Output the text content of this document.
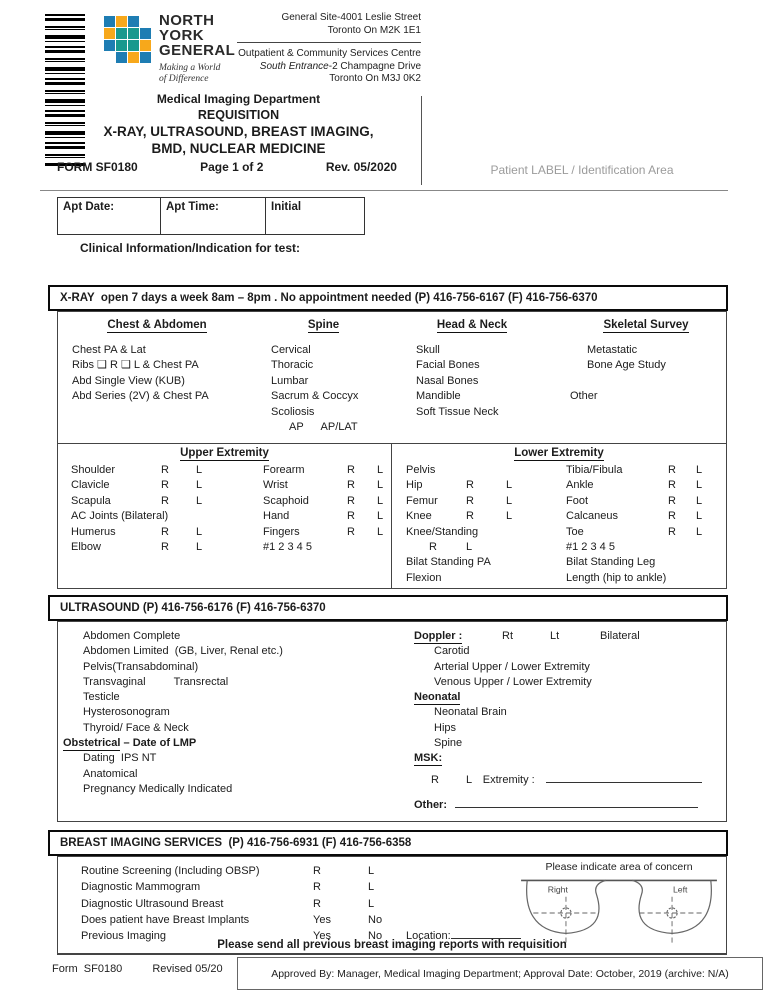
NORTH
YORK
GENERAL
Making a World
of Difference
General Site-4001 Leslie Street
Toronto On M2K 1E1
Outpatient & Community Services Centre
South Entrance-2 Champagne Drive
Toronto On M3J 0K2
Patient LABEL / Identification Area
Medical Imaging Department
REQUISITION
X-RAY, ULTRASOUND, BREAST IMAGING,
BMD, NUCLEAR MEDICINE
FORM SF0180	Page 1 of 2	Rev. 05/2020
Apt Date:	Apt Time:	Initial
Clinical Information/Indication for test:
X-RAY  open 7 days a week 8am – 8pm . No appointment needed (P) 416-756-6167 (F) 416-756-6370
Chest & Abdomen
Chest PA & Lat
Ribs ❑ R ❑ L & Chest PA
Abd Single View (KUB)
Abd Series (2V) & Chest PA
Spine
Cervical
Thoracic
Lumbar
Sacrum & Coccyx
Scoliosis
AP AP/LAT
Head & Neck
Skull
Facial Bones
Nasal Bones
Mandible
Soft Tissue Neck
Skeletal Survey
Metastatic
Bone Age Study
Other
Upper Extremity	Lower Extremity
Shoulder	R	L
Clavicle	R	L
Scapula	R	L
AC Joints (Bilateral)
Humerus	R	L
Elbow	R	L
Forearm	R	L
Wrist	R	L
Scaphoid	R	L
Hand	R	L
Fingers	R	L
#1 2 3 4 5
Pelvis
Hip	R	L
Femur	R	L
Knee	R	L
Knee/Standing
R	L
Bilat Standing PA
Flexion
Tibia/Fibula	R	L
Ankle	R	L
Foot	R	L
Calcaneus	R	L
Toe	R	L
#1 2 3 4 5
Bilat Standing Leg
Length (hip to ankle)
ULTRASOUND (P) 416-756-6176 (F) 416-756-6370
Abdomen Complete
Abdomen Limited  (GB, Liver, Renal etc.)
Pelvis(Transabdominal)
Transvaginal	Transrectal
Testicle
Hysterosonogram
Thyroid/ Face & Neck
Obstetrical – Date of LMP
Dating  IPS NT
Anatomical
Pregnancy Medically Indicated
Doppler :	Rt	Lt	Bilateral
Carotid
Arterial Upper / Lower Extremity
Venous Upper / Lower Extremity
Neonatal
Neonatal Brain
Hips
Spine
MSK:
R L Extremity :
Other:
BREAST IMAGING SERVICES  (P) 416-756-6931 (F) 416-756-6358
Routine Screening (Including OBSP)	R	L
Diagnostic Mammogram	R	L
Diagnostic Ultrasound Breast	R	L
Does patient have Breast Implants	Yes	No
Previous Imaging	Yes	No	Location:
Please indicate area of concern
Right	Left
Please send all previous breast imaging reports with requisition
Form  SF0180	Revised 05/20	Approved By: Manager, Medical Imaging Department; Approval Date: October, 2019 (archive: N/A)
